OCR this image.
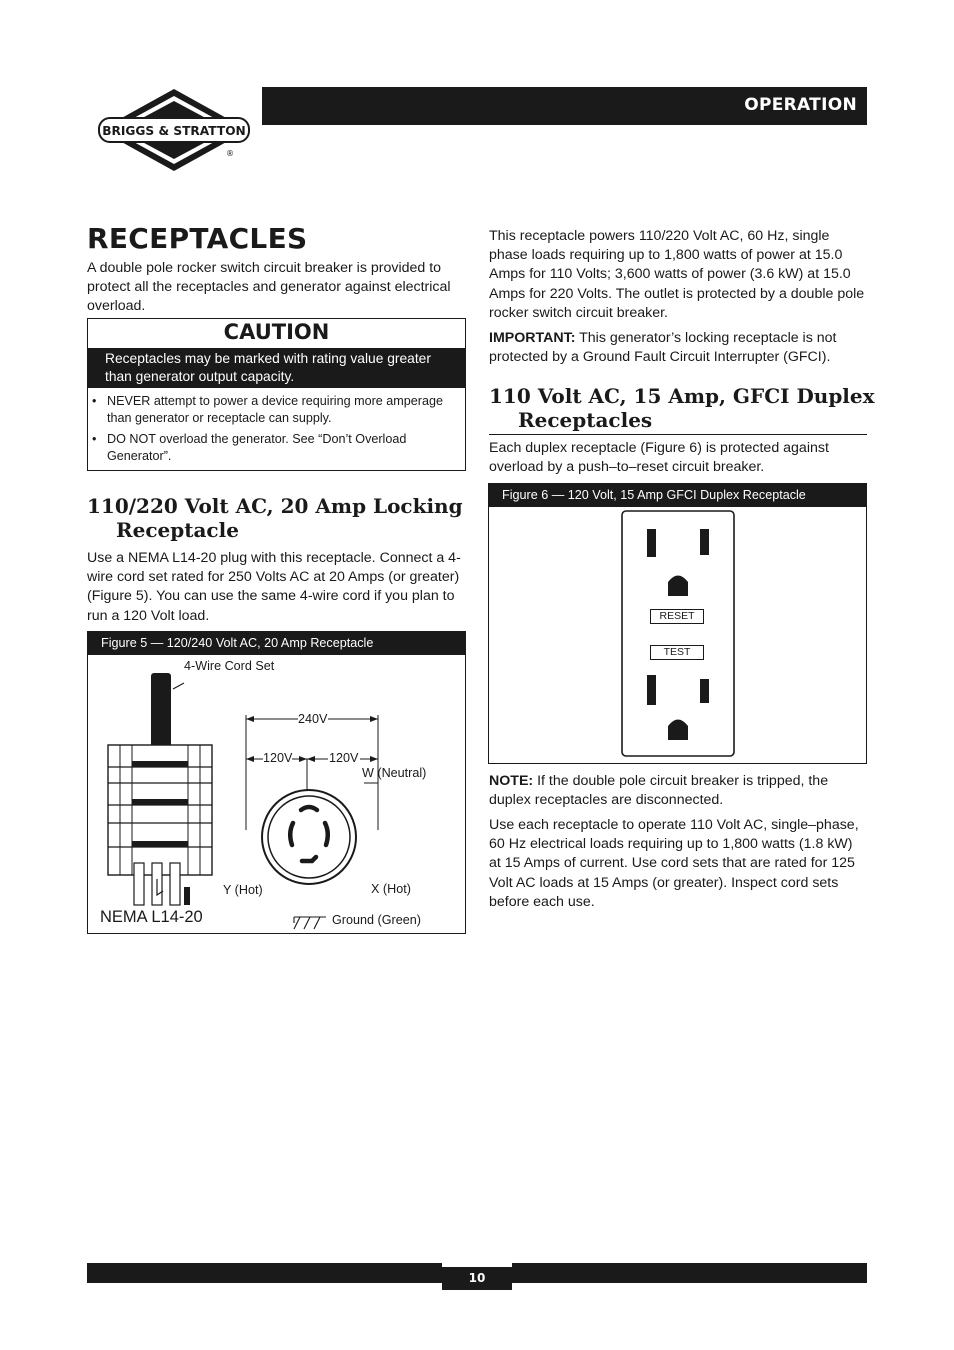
BRIGGS & STRATTON
®
OPERATION
RECEPTACLES
A double pole rocker switch circuit breaker is provided to protect all the receptacles and generator against electrical overload.
CAUTION
Receptacles may be marked with rating value greater than generator output capacity.
• NEVER attempt to power a device requiring more amperage than generator or receptacle can supply.
• DO NOT overload the generator. See “Don’t Overload Generator”.
110/220 Volt AC, 20 Amp Locking
Receptacle
Use a NEMA L14-20 plug with this receptacle. Connect a 4-wire cord set rated for 250 Volts AC at 20 Amps (or greater) (Figure 5). You can use the same 4-wire cord if you plan to run a 120 Volt load.
Figure 5 — 120/240 Volt AC, 20 Amp Receptacle
4-Wire Cord Set
240V
120V	120V
W (Neutral)
Y (Hot)	X (Hot)
Ground (Green)
NEMA L14-20
This receptacle powers 110/220 Volt AC, 60 Hz, single phase loads requiring up to 1,800 watts of power at 15.0 Amps for 110 Volts; 3,600 watts of power (3.6 kW) at 15.0 Amps for 220 Volts. The outlet is protected by a double pole rocker switch circuit breaker.
IMPORTANT: This generator’s locking receptacle is not protected by a Ground Fault Circuit Interrupter (GFCI).
110 Volt AC, 15 Amp, GFCI Duplex
Receptacles
Each duplex receptacle (Figure 6) is protected against overload by a push–to–reset circuit breaker.
Figure 6 — 120 Volt, 15 Amp GFCI Duplex Receptacle
RESET
TEST
NOTE: If the double pole circuit breaker is tripped, the duplex receptacles are disconnected.
Use each receptacle to operate 110 Volt AC, single–phase, 60 Hz electrical loads requiring up to 1,800 watts (1.8 kW) at 15 Amps of current. Use cord sets that are rated for 125 Volt AC loads at 15 Amps (or greater). Inspect cord sets before each use.
10
